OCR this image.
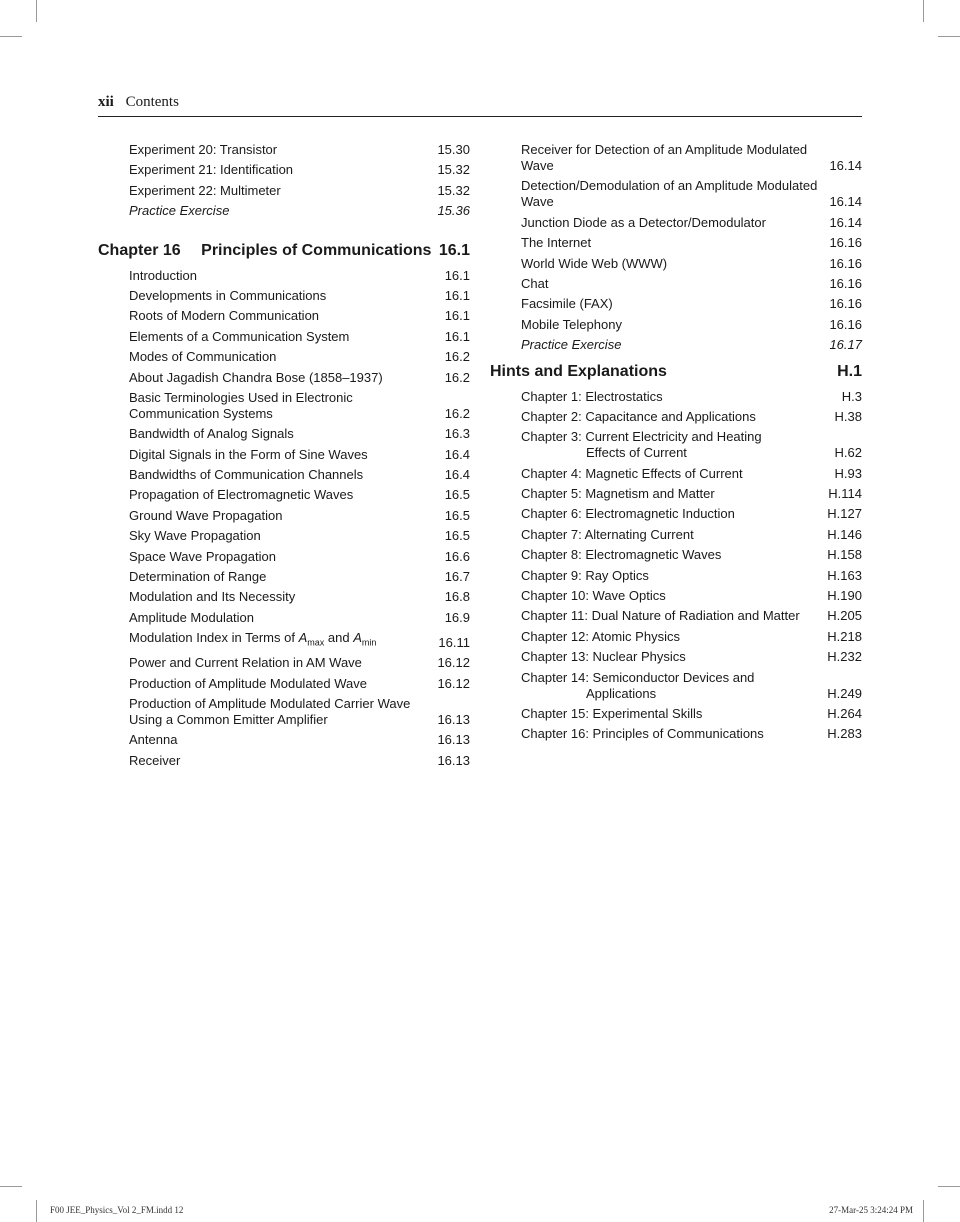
xii Contents
Experiment 20: Transistor	15.30
Experiment 21: Identification	15.32
Experiment 22: Multimeter	15.32
Practice Exercise	15.36
Chapter 16 Principles of Communications 16.1
Introduction	16.1
Developments in Communications	16.1
Roots of Modern Communication	16.1
Elements of a Communication System	16.1
Modes of Communication	16.2
About Jagadish Chandra Bose (1858–1937)	16.2
Basic Terminologies Used in Electronic Communication Systems	16.2
Bandwidth of Analog Signals	16.3
Digital Signals in the Form of Sine Waves	16.4
Bandwidths of Communication Channels	16.4
Propagation of Electromagnetic Waves	16.5
Ground Wave Propagation	16.5
Sky Wave Propagation	16.5
Space Wave Propagation	16.6
Determination of Range	16.7
Modulation and Its Necessity	16.8
Amplitude Modulation	16.9
Modulation Index in Terms of $A_{max}$ and $A_{min}$	16.11
Power and Current Relation in AM Wave	16.12
Production of Amplitude Modulated Wave	16.12
Production of Amplitude Modulated Carrier Wave Using a Common Emitter Amplifier	16.13
Antenna	16.13
Receiver	16.13
Receiver for Detection of an Amplitude Modulated Wave	16.14
Detection/Demodulation of an Amplitude Modulated Wave	16.14
Junction Diode as a Detector/Demodulator	16.14
The Internet	16.16
World Wide Web (WWW)	16.16
Chat	16.16
Facsimile (FAX)	16.16
Mobile Telephony	16.16
Practice Exercise	16.17
Hints and Explanations	H.1
Chapter 1: Electrostatics	H.3
Chapter 2: Capacitance and Applications	H.38
Chapter 3: Current Electricity and Heating
Effects of Current	H.62
Chapter 4: Magnetic Effects of Current	H.93
Chapter 5: Magnetism and Matter	H.114
Chapter 6: Electromagnetic Induction	H.127
Chapter 7: Alternating Current	H.146
Chapter 8: Electromagnetic Waves	H.158
Chapter 9: Ray Optics	H.163
Chapter 10: Wave Optics	H.190
Chapter 11: Dual Nature of Radiation and Matter	H.205
Chapter 12: Atomic Physics	H.218
Chapter 13: Nuclear Physics	H.232
Chapter 14: Semiconductor Devices and
Applications	H.249
Chapter 15: Experimental Skills	H.264
Chapter 16: Principles of Communications	H.283
F00 JEE_Physics_Vol 2_FM.indd 12	27-Mar-25 3:24:24 PM
